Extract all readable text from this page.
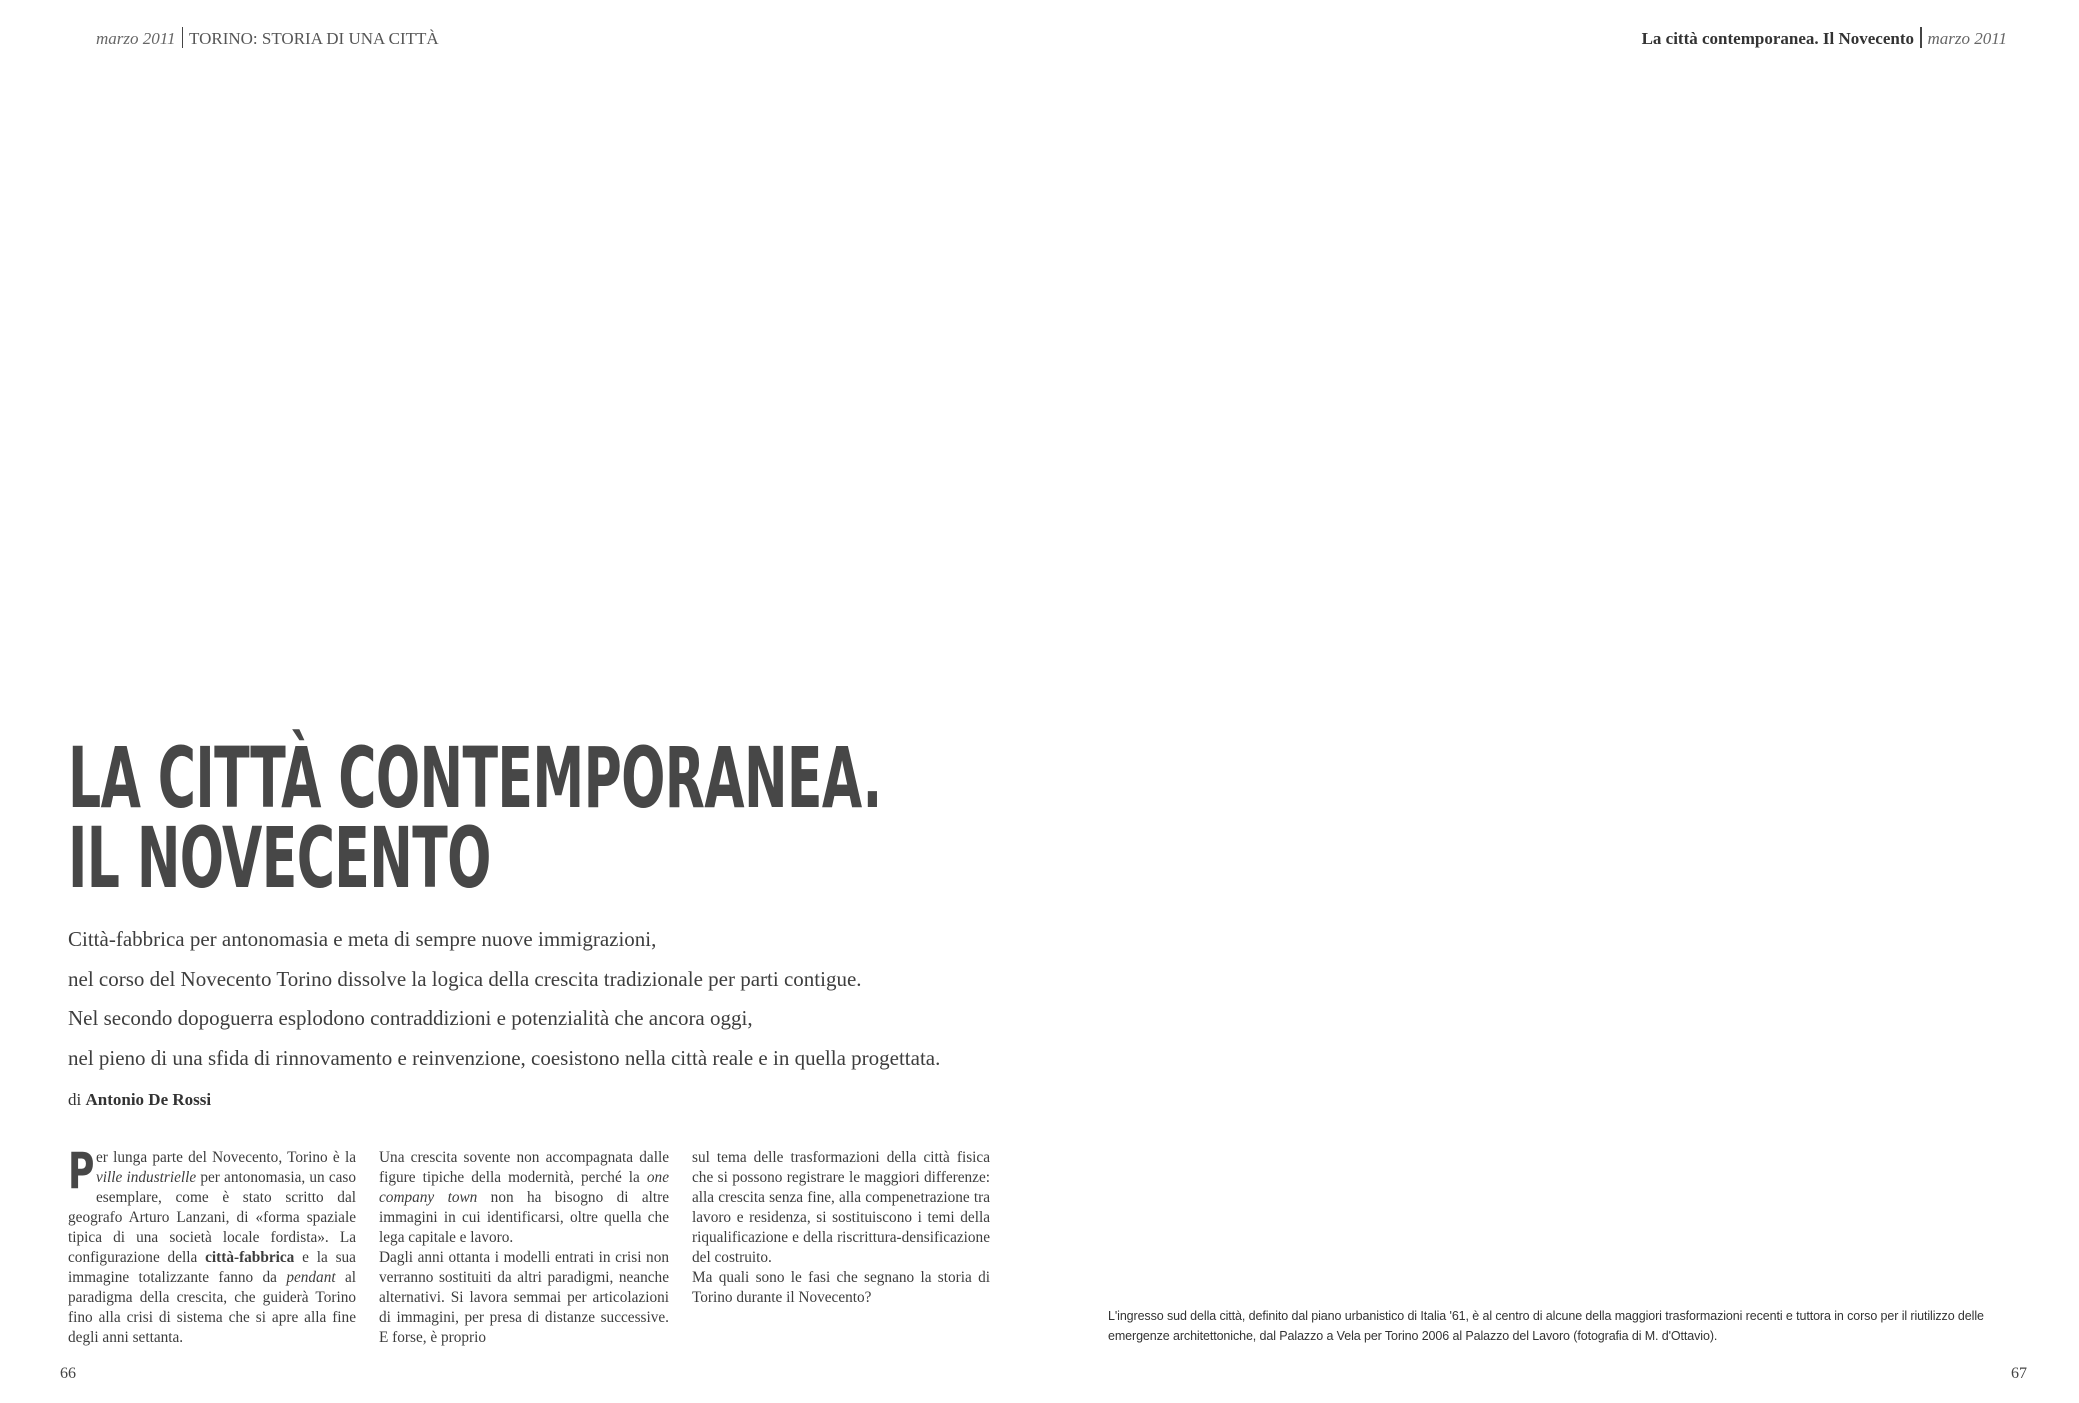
marzo 2011 TORINO: STORIA DI UNA CITTÀ	La città contemporanea. Il Novecento marzo 2011
LA CITTÀ CONTEMPORANEA.
IL NOVECENTO

Città-fabbrica per antonomasia e meta di sempre nuove immigrazioni,

nel corso del Novecento Torino dissolve la logica della crescita tradizionale per parti contigue.

Nel secondo dopoguerra esplodono contraddizioni e potenzialità che ancora oggi,

nel pieno di una sfida di rinnovamento e reinvenzione, coesistono nella città reale e in quella progettata.

di Antonio De Rossi

Per lunga parte del Novecento, Torino è la ville industrielle per antonomasia, un caso esemplare, come è stato scritto dal geografo Arturo Lanzani, di «forma spaziale tipica di una società locale fordista». La configurazione della città-fabbrica e la sua immagine totalizzante fanno da pendant al paradigma della crescita, che guiderà Torino fino alla crisi di sistema che si apre alla fine degli anni settanta.

Una crescita sovente non accompagnata dalle figure tipiche della modernità, perché la one company town non ha bisogno di altre immagini in cui identificarsi, oltre quella che lega capitale e lavoro.

Dagli anni ottanta i modelli entrati in crisi non verranno sostituiti da altri paradigmi, neanche alternativi. Si lavora semmai per articolazioni di immagini, per presa di distanze successive. E forse, è proprio

sul tema delle trasformazioni della città fisica che si possono registrare le maggiori differenze: alla crescita senza fine, alla compenetrazione tra lavoro e residenza, si sostituiscono i temi della riqualificazione e della riscrittura-densificazione del costruito.

Ma quali sono le fasi che segnano la storia di Torino durante il Novecento?

L'ingresso sud della città, definito dal piano urbanistico di Italia '61, è al centro di alcune della maggiori trasformazioni recenti e tuttora in corso per il riutilizzo delle emergenze architettoniche, dal Palazzo a Vela per Torino 2006 al Palazzo del Lavoro (fotografia di M. d'Ottavio).
66	67
